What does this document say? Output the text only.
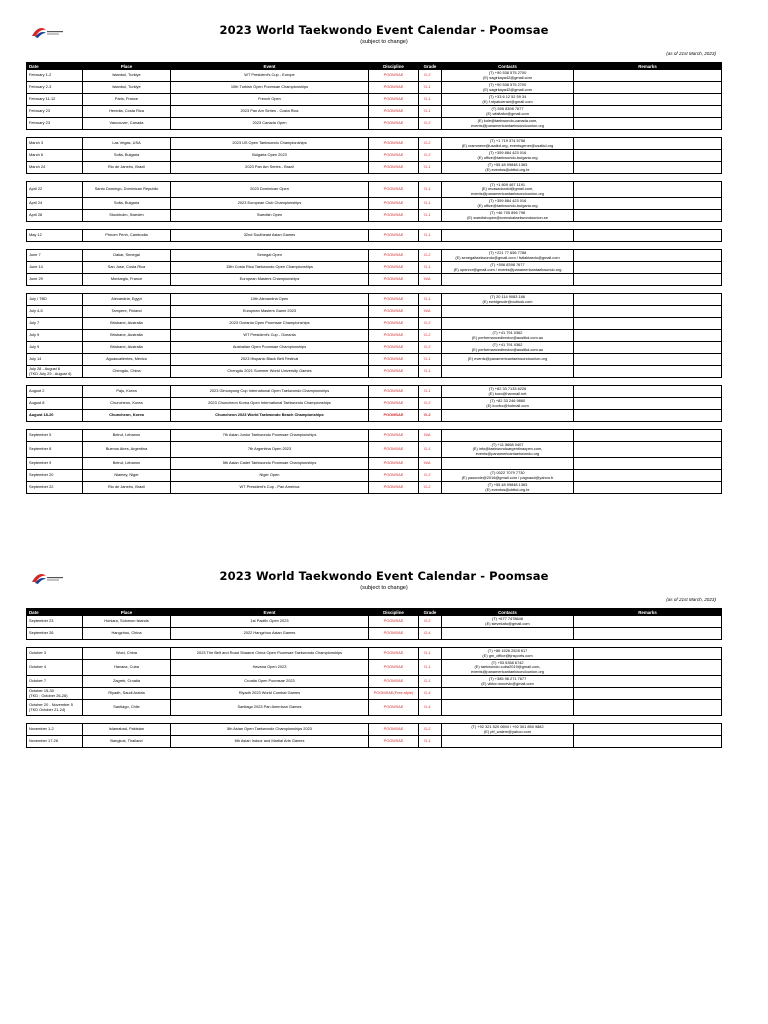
2023 World Taekwondo Event Calendar - Poomsae
(subject to change)
(as of 21st March, 2023)
Date	Place	Event	Discipline	Grade	Contacts	Remarks
February 1-2	Istanbul, Turkiye	WT President's Cup - Europe	POOMSAE	G-2	(T) +90 538 575 2700
(E) sagirkaya42@gmail.com	

February 2-3	Istanbul, Turkiye	10th Turkish Open Poomsae Championships	POOMSAE	G-1	(T) +90 538 575 2700
(E) sagirkaya42@gmail.com	

February 11-12	Paris, France	French Open	POOMSAE	G-1	(T) +33 6 12 52 59 34
(E) f.ntyakoerani@gmail.com	

February 23	Heredia, Costa Rica	2023 Pan Am Series - Costa Rica	POOMSAE	G-1	(T) 506 8398 7677
(E) wfaltafor@gmail.com	

February 23	Vancouver, Canada	2023 Canada Open	POOMSAE	G-2	(E) kole@taekwondo-canada.com,
events@panamericantaekwondounion.org	

March 3	Las Vegas, USA	2023 US Open Taekwondo Championships	POOMSAE	G-2	(T) +1 719 374 5758
(E) crammere@usatkd.org, eventsgener@usatkd.org	

March 6	Sofia, Bulgaria	Bulgaria Open 2023	POOMSAE	G-2	(T) +359 884 423 016
(E) office@taekwondo-bulgaria.org	

March 24	Rio de Janeiro, Brazil	2023 Pan Am Series - Brazil	POOMSAE	G-1	(T) +55 48 99848 1363
(E) eventos@cbtkd.org.br	

April 22	Santo Domingo, Dominican Republic	2023 Dominican Open	POOMSAE	G-1	(T) +1 809 467 1191
(E) mcasadorotd@gmail.com,
events@panamericantaekwondounion.org	

April 24	Sofia, Bulgaria	2023 European Club Championships	POOMSAE	G-1	(T) +359 884 423 016
(E) office@taekwondo-bulgaria.org	

April 28	Stockholm, Sweden	Swedish Open	POOMSAE	G-1	(T) +46 705 896 798
(E) swedishopen@svenskataekwondounion.se	

May 12	Phnom Penh, Cambodia	32nd Southeast Asian Games	POOMSAE	G-1	

June 7	Dakar, Senegal	Senegal Open	POOMSAE	G-2	(T) +221 77 656 7788
(E) senegaltaekwondo@gmail.com / fsttaktaedo@gmail.com	

June 14	San Jose, Costa Rica	15th Costa Rica Taekwondo Open Championships	POOMSAE	G-1	(T) +506 8398 7677
(E) openrcr@gmail.com / events@panamericantaekwondo.org	

June 29	Montargis, France	European Masters Championships	POOMSAE	N/A	

July / TBD	Alexandria, Egypt	10th Alexandria Open	POOMSAE	G-1	(T) 20 114 9083 186
(E) ewidgeude@outlook.com	

July 4-5	Tampere, Finland	European Masters Game 2023	POOMSAE	N/A	

July 7	Brisbane, Australia	2023 Oceania Open Poomsae Championships	POOMSAE	G-2	

July 9	Brisbane, Australia	WT President's Cup - Oceania	POOMSAE	G-2	(T) +41 791 0362
(E) performancedirector@ausitkd.com.au	

July 9	Brisbane, Australia	Australian Open Poomsae Championships	POOMSAE	G-2	(T) +41 791 0362
(E) performancedirector@ausitkd.com.au	

July 14	Aguascalientes, Mexico	2023 Hispanic Black Belt Festival	POOMSAE	G-1	(E) events@panamericantaekwondounion.org	

July 28 - August 8
(TKD July 29 - August 4)	Chengdu, China	Chengdu 2021 Summer World University Games	POOMSAE	G-1	

August 2	Paju, Korea	2023 Gimunyong Cup International Open Taekwondo Championships	POOMSAE	G-1	(T) +82 33 7133 6226
(E) kuro@hanmail.net	

August 8	Chuncheon, Korea	2023 Chuncheon Korea Open International Taekwondo Championships	POOMSAE	G-2	(T) +82 33 246 9860
(E) koofcc@hotmail.com	

August 18-20	Chuncheon, Korea	Chuncheon 2023 World Taekwondo Beach Championships	POOMSAE	G-2	

September 5	Beirut, Lebanon	7th Asian Junior Taekwondo Poomsae Championships	POOMSAE	N/A	

September 8	Buenos Aires, Argentina	7th Argentina Open 2023	POOMSAE	G-1	(T) +11 5668 0407
(E) info@taekwondoargentinaopen.com,
events@panamericantaekwondo.org	

September 9	Beirut, Lebanon	5th Asian Cadet Taekwondo Poomsae Championships	POOMSAE	N/A	

September 20	Niamey, Niger	Niger Open	POOMSAE	G-2	(T) 0022 7079 7730
(E) yaounde@2016@gmail.com / pagnaud@yahoo.fr	

September 22	Rio de Janeiro, Brazil	WT President's Cup - Pan America	POOMSAE	G-2	(T) +55 48 99848 1363
(E) eventos@cbtkd.org.br	

2023 World Taekwondo Event Calendar - Poomsae
(subject to change)
(as of 21st March, 2023)
Date	Place	Event	Discipline	Grade	Contacts	Remarks
September 23	Honiara, Solomon Islands	1st Pacific Open 2023	POOMSAE	G-2	(T) +677 7478646
(E) slevekafu@gmail.com	

September 26	Hangzhou, China	2022 Hangzhou Asian Games	POOMSAE	G-4	

October 3	Wuxi, China	2023 The Belt and Road Shaanxi China Open Poomsae Taekwondo Championships	POOMSAE	G-1	(T) +86 1526 2528 617
(E) gm_office@tjnsports.com	

October 4	Havana, Cuba	Havana Open 2023	POOMSAE	G-1	(T) +53 5358 6742
(E) taekwondo.cuba2019@gmail.com,
events@panamericantaekwondounion.org	

October 7	Zagreb, Croatia	Croatia Open Poomsae 2023	POOMSAE	G-1	(T) +385 98 271 7677
(E) viktor.roncevic@gmail.com	

October 15-30
(TKD : October 26-28)	Riyadh, Saudi Arabia	Riyadh 2023 World Combat Games	POOMSAE(Free-style)	G-4	

October 20 - November 5
(TKD October 21-24)	Santiago, Chile	Santiago 2023 Pan American Games	POOMSAE	G-4	

November 1-2	Islamabad, Pakistan	5th Asian Open Taekwondo Championships 2023	POOMSAE	G-2	(T) +92 321 520 0694 / +92 301 850 9882
(E) ptf_waiem@yahoo.com	

November 17-26	Bangkok, Thailand	6th Asian Indoor and Martial Arts Games	POOMSAE	G-1	
